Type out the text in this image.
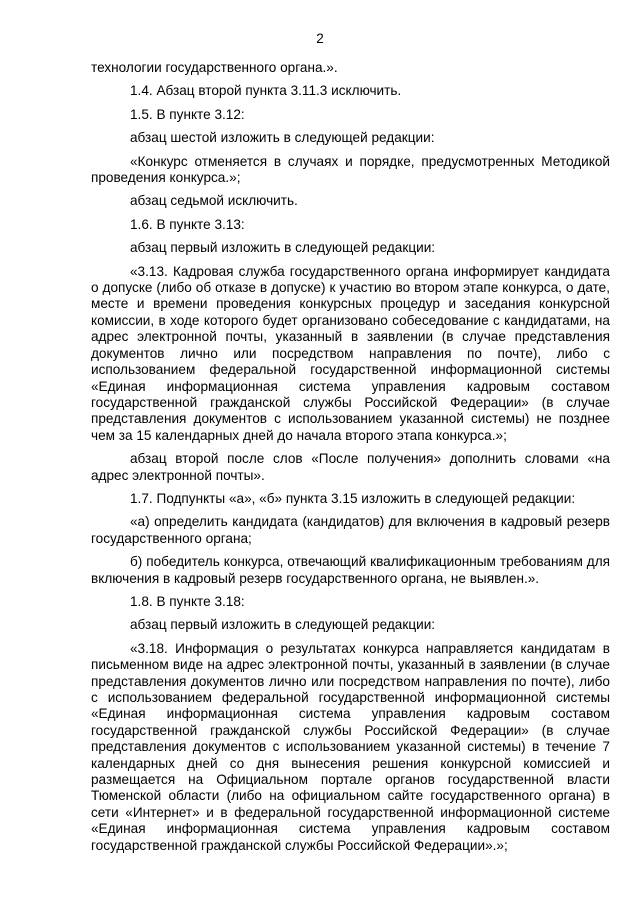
2

технологии государственного органа.».

1.4. Абзац второй пункта 3.11.3 исключить.

1.5. В пункте 3.12:

абзац шестой изложить в следующей редакции:

«Конкурс отменяется в случаях и порядке, предусмотренных Методикой проведения конкурса.»;

абзац седьмой исключить.

1.6. В пункте 3.13:

абзац первый изложить в следующей редакции:

«3.13. Кадровая служба государственного органа информирует кандидата о допуске (либо об отказе в допуске) к участию во втором этапе конкурса, о дате, месте и времени проведения конкурсных процедур и заседания конкурсной комиссии, в ходе которого будет организовано собеседование с кандидатами, на адрес электронной почты, указанный в заявлении (в случае представления документов лично или посредством направления по почте), либо с использованием федеральной государственной информационной системы «Единая информационная система управления кадровым составом государственной гражданской службы Российской Федерации» (в случае представления документов с использованием указанной системы) не позднее чем за 15 календарных дней до начала второго этапа конкурса.»;

абзац второй после слов «После получения» дополнить словами «на адрес электронной почты».

1.7. Подпункты «а», «б» пункта 3.15 изложить в следующей редакции:

«а) определить кандидата (кандидатов) для включения в кадровый резерв государственного органа;

б) победитель конкурса, отвечающий квалификационным требованиям для включения в кадровый резерв государственного органа, не выявлен.».

1.8. В пункте 3.18:

абзац первый изложить в следующей редакции:

«3.18. Информация о результатах конкурса направляется кандидатам в письменном виде на адрес электронной почты, указанный в заявлении (в случае представления документов лично или посредством направления по почте), либо с использованием федеральной государственной информационной системы «Единая информационная система управления кадровым составом государственной гражданской службы Российской Федерации» (в случае представления документов с использованием указанной системы) в течение 7 календарных дней со дня вынесения решения конкурсной комиссией и размещается на Официальном портале органов государственной власти Тюменской области (либо на официальном сайте государственного органа) в сети «Интернет» и в федеральной государственной информационной системе «Единая информационная система управления кадровым составом государственной гражданской службы Российской Федерации».»;
